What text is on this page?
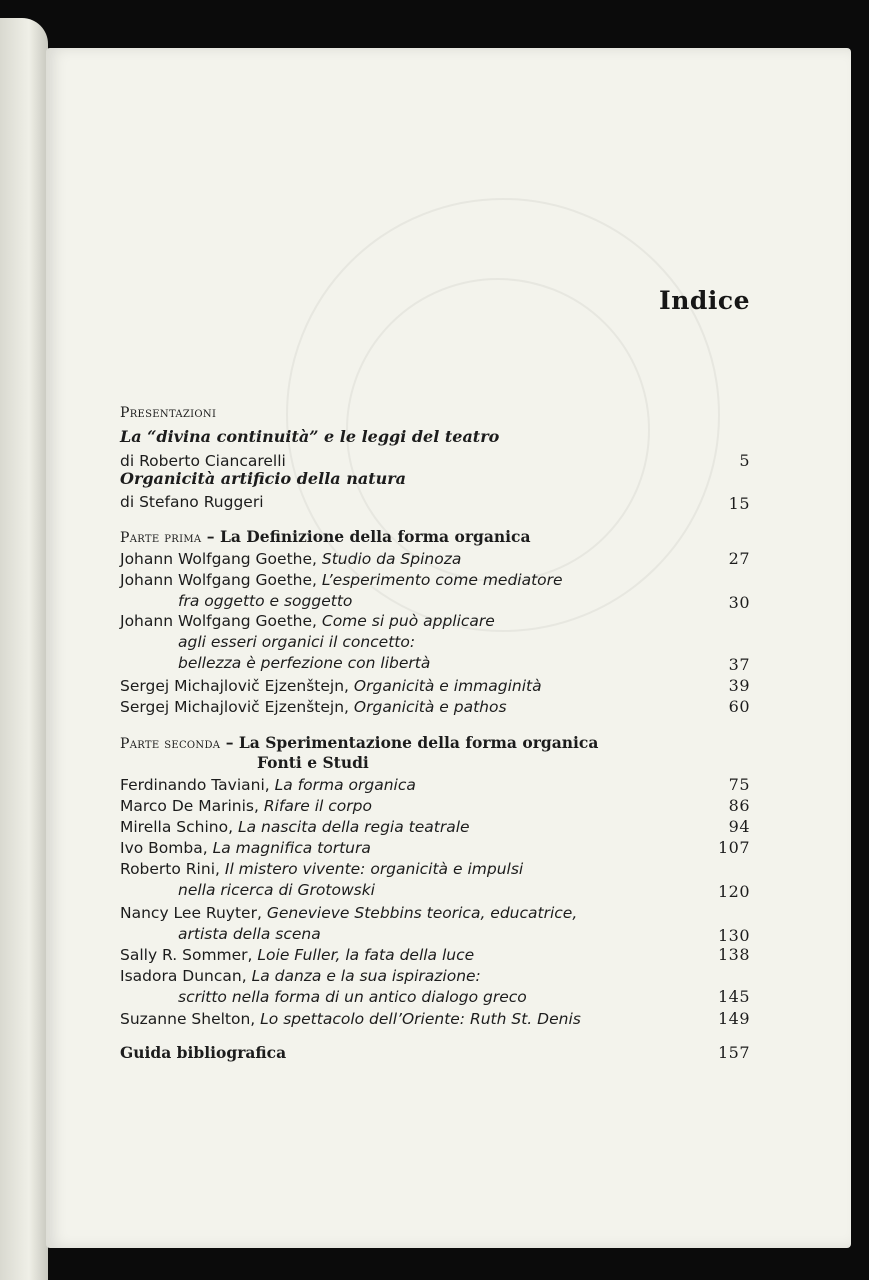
Indice
Presentazioni
La “divina continuità” e le leggi del teatro
di Roberto Ciancarelli	5
Organicità artificio della natura
di Stefano Ruggeri	15
Parte prima – La Definizione della forma organica
Johann Wolfgang Goethe, Studio da Spinoza	27
Johann Wolfgang Goethe, L’esperimento come mediatore
fra oggetto e soggetto	30
Johann Wolfgang Goethe, Come si può applicare
agli esseri organici il concetto:
bellezza è perfezione con libertà	37
Sergej Michajlovič Ejzenštejn, Organicità e immaginità	39
Sergej Michajlovič Ejzenštejn, Organicità e pathos	60
Parte seconda – La Sperimentazione della forma organica
Fonti e Studi
Ferdinando Taviani, La forma organica	75
Marco De Marinis, Rifare il corpo	86
Mirella Schino, La nascita della regia teatrale	94
Ivo Bomba, La magnifica tortura	107
Roberto Rini, Il mistero vivente: organicità e impulsi
nella ricerca di Grotowski	120
Nancy Lee Ruyter, Genevieve Stebbins teorica, educatrice,
artista della scena	130
Sally R. Sommer, Loie Fuller, la fata della luce	138
Isadora Duncan, La danza e la sua ispirazione:
scritto nella forma di un antico dialogo greco	145
Suzanne Shelton, Lo spettacolo dell’Oriente: Ruth St. Denis	149
Guida bibliografica	157
